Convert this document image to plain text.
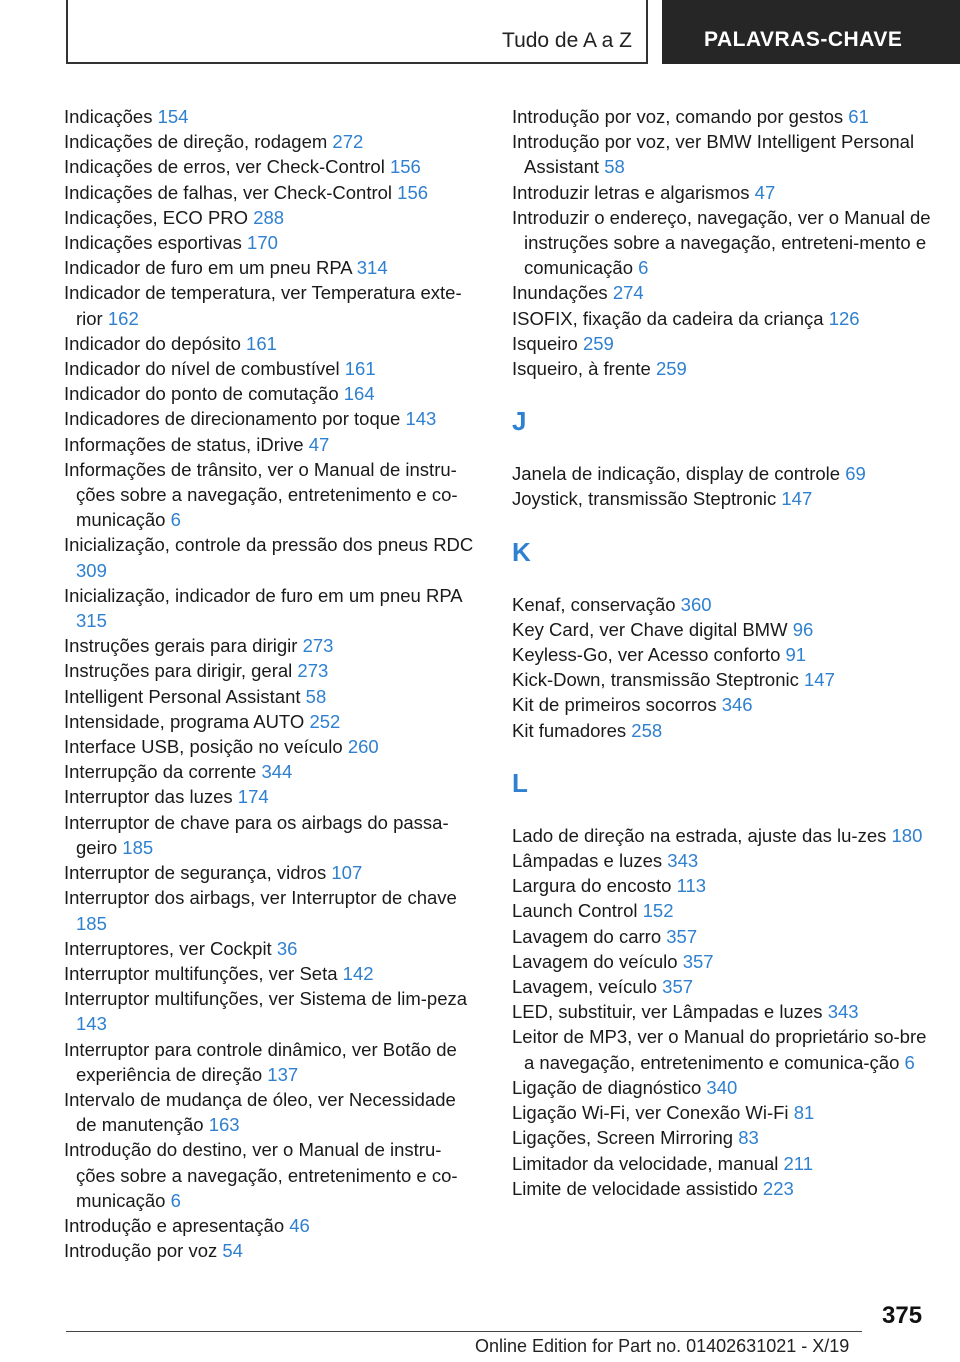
Tudo de A a Z	PALAVRAS-CHAVE
Indicações 154
Indicações de direção, rodagem 272
Indicações de erros, ver Check-Control 156
Indicações de falhas, ver Check-Control 156
Indicações, ECO PRO 288
Indicações esportivas 170
Indicador de furo em um pneu RPA 314
Indicador de temperatura, ver Temperatura exte-rior 162
Indicador do depósito 161
Indicador do nível de combustível 161
Indicador do ponto de comutação 164
Indicadores de direcionamento por toque 143
Informações de status, iDrive 47
Informações de trânsito, ver o Manual de instru-ções sobre a navegação, entretenimento e co-municação 6
Inicialização, controle da pressão dos pneus RDC 309
Inicialização, indicador de furo em um pneu RPA 315
Instruções gerais para dirigir 273
Instruções para dirigir, geral 273
Intelligent Personal Assistant 58
Intensidade, programa AUTO 252
Interface USB, posição no veículo 260
Interrupção da corrente 344
Interruptor das luzes 174
Interruptor de chave para os airbags do passa-geiro 185
Interruptor de segurança, vidros 107
Interruptor dos airbags, ver Interruptor de chave 185
Interruptores, ver Cockpit 36
Interruptor multifunções, ver Seta 142
Interruptor multifunções, ver Sistema de lim-peza 143
Interruptor para controle dinâmico, ver Botão de experiência de direção 137
Intervalo de mudança de óleo, ver Necessidade de manutenção 163
Introdução do destino, ver o Manual de instru-ções sobre a navegação, entretenimento e co-municação 6
Introdução e apresentação 46
Introdução por voz 54
Introdução por voz, comando por gestos 61
Introdução por voz, ver BMW Intelligent Personal Assistant 58
Introduzir letras e algarismos 47
Introduzir o endereço, navegação, ver o Manual de instruções sobre a navegação, entreteni-mento e comunicação 6
Inundações 274
ISOFIX, fixação da cadeira da criança 126
Isqueiro 259
Isqueiro, à frente 259
J
Janela de indicação, display de controle 69
Joystick, transmissão Steptronic 147
K
Kenaf, conservação 360
Key Card, ver Chave digital BMW 96
Keyless-Go, ver Acesso conforto 91
Kick-Down, transmissão Steptronic 147
Kit de primeiros socorros 346
Kit fumadores 258
L
Lado de direção na estrada, ajuste das lu-zes 180
Lâmpadas e luzes 343
Largura do encosto 113
Launch Control 152
Lavagem do carro 357
Lavagem do veículo 357
Lavagem, veículo 357
LED, substituir, ver Lâmpadas e luzes 343
Leitor de MP3, ver o Manual do proprietário so-bre a navegação, entretenimento e comunica-ção 6
Ligação de diagnóstico 340
Ligação Wi-Fi, ver Conexão Wi-Fi 81
Ligações, Screen Mirroring 83
Limitador da velocidade, manual 211
Limite de velocidade assistido 223
375
Online Edition for Part no. 01402631021 - X/19
